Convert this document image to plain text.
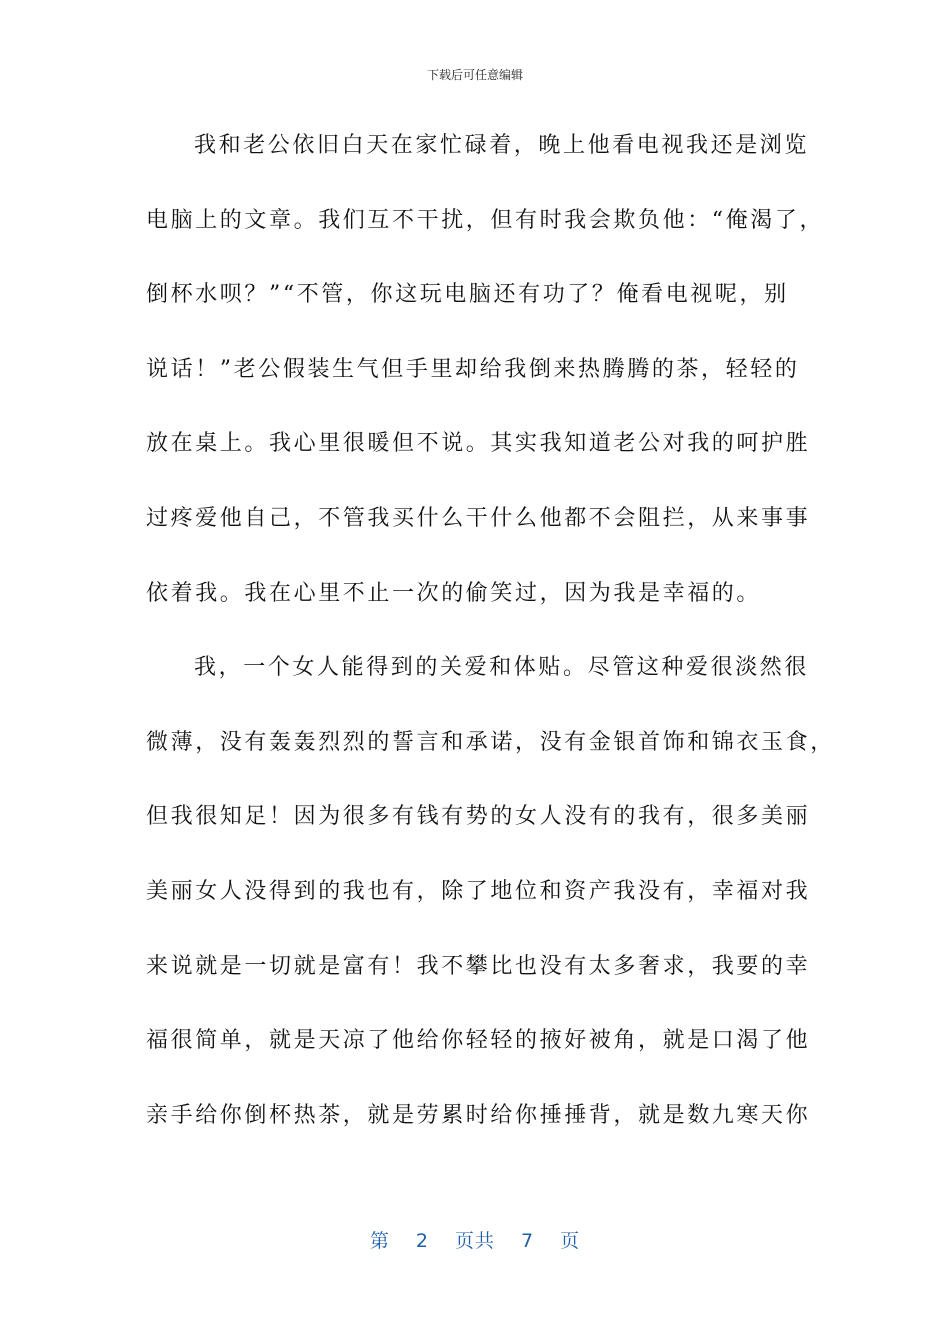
下载后可任意编辑
我和老公依旧白天在家忙碌着，晚上他看电视我还是浏览
电脑上的文章。我们互不干扰，但有时我会欺负他：“俺渴了，
倒杯水呗？”“不管，你这玩电脑还有功了？俺看电视呢，别
说话！”老公假装生气但手里却给我倒来热腾腾的茶，轻轻的
放在桌上。我心里很暖但不说。其实我知道老公对我的呵护胜
过疼爱他自己，不管我买什么干什么他都不会阻拦，从来事事
依着我。我在心里不止一次的偷笑过，因为我是幸福的。
我，一个女人能得到的关爱和体贴。尽管这种爱很淡然很
微薄，没有轰轰烈烈的誓言和承诺，没有金银首饰和锦衣玉食，
但我很知足！因为很多有钱有势的女人没有的我有，很多美丽
美丽女人没得到的我也有，除了地位和资产我没有，幸福对我
来说就是一切就是富有！我不攀比也没有太多奢求，我要的幸
福很简单，就是天凉了他给你轻轻的掖好被角，就是口渴了他
亲手给你倒杯热茶，就是劳累时给你捶捶背，就是数九寒天你
第 2 页共 7 页
